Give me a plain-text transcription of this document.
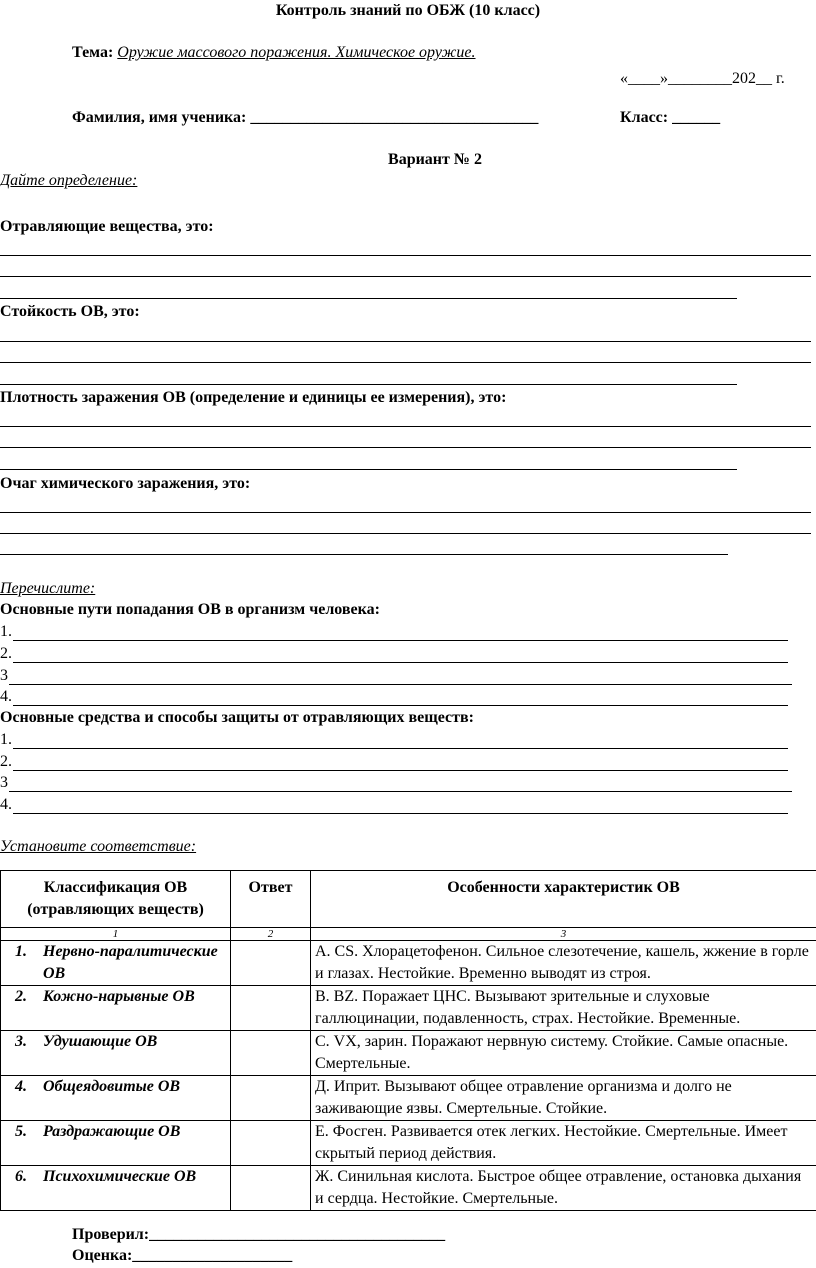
Контроль знаний по ОБЖ (10 класс)
Тема: Оружие массового поражения. Химическое оружие.
«____»________202__ г.
Фамилия, имя ученика: ____________________________________	Класс: ______
Вариант № 2
Дайте определение:
Отравляющие вещества, это:
Стойкость ОВ, это:
Плотность заражения ОВ (определение и единицы ее измерения), это:
Очаг химического заражения, это:
Перечислите:
Основные пути попадания ОВ в организм человека:
1.
2.
3
4.
Основные средства и способы защиты от отравляющих веществ:
1.
2.
3
4.
Установите соответствие:
Классификация ОВ (отравляющих веществ)	Ответ	Особенности характеристик ОВ
1	2	3

1. Нервно-паралитические ОВ		А. CS. Хлорацетофенон. Сильное слезотечение, кашель, жжение в горле и глазах. Нестойкие. Временно выводят из строя.

2. Кожно-нарывные ОВ		В. BZ. Поражает ЦНС. Вызывают зрительные и слуховые галлюцинации, подавленность, страх. Нестойкие. Временные.

3. Удушающие ОВ		С. VX, зарин. Поражают нервную систему. Стойкие. Самые опасные. Смертельные.

4. Общеядовитые ОВ		Д. Иприт. Вызывают общее отравление организма и долго не заживающие язвы. Смертельные. Стойкие.

5. Раздражающие ОВ		Е. Фосген. Развивается отек легких. Нестойкие. Смертельные. Имеет скрытый период действия.

6. Психохимические ОВ		Ж. Синильная кислота. Быстрое общее отравление, остановка дыхания и сердца. Нестойкие. Смертельные.
Проверил:_____________________________________
Оценка:____________________
